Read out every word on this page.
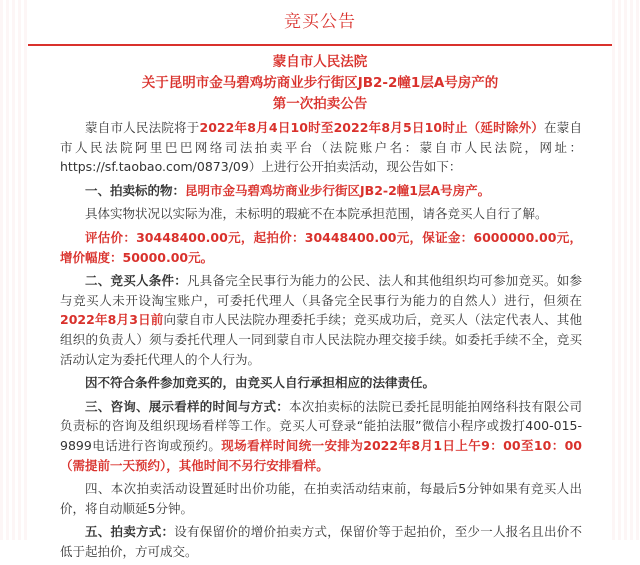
竞买公告
蒙自市人民法院
关于昆明市金马碧鸡坊商业步行街区JB2-2幢1层A号房产的
第一次拍卖公告

蒙自市人民法院将于2022年8月4日10时至2022年8月5日10时止（延时除外）在蒙自市人民法院阿里巴巴网络司法拍卖平台（法院账户名：蒙自市人民法院，网址：https://sf.taobao.com/0873/09）上进行公开拍卖活动，现公告如下：

一、拍卖标的物：昆明市金马碧鸡坊商业步行街区JB2-2幢1层A号房产。

具体实物状况以实际为准，未标明的瑕疵不在本院承担范围，请各竞买人自行了解。

评估价：30448400.00元，起拍价：30448400.00元，保证金：6000000.00元，增价幅度：50000.00元。

二、竞买人条件：凡具备完全民事行为能力的公民、法人和其他组织均可参加竞买。如参与竞买人未开设淘宝账户，可委托代理人（具备完全民事行为能力的自然人）进行，但须在2022年8月3日前向蒙自市人民法院办理委托手续；竞买成功后，竞买人（法定代表人、其他组织的负责人）须与委托代理人一同到蒙自市人民法院办理交接手续。如委托手续不全，竞买活动认定为委托代理人的个人行为。

因不符合条件参加竞买的，由竞买人自行承担相应的法律责任。

三、咨询、展示看样的时间与方式：本次拍卖标的法院已委托昆明能拍网络科技有限公司负责标的咨询及组织现场看样等工作。竞买人可登录“能拍法服”微信小程序或拨打400-015-9899电话进行咨询或预约。现场看样时间统一安排为2022年8月1日上午9：00至10：00（需提前一天预约），其他时间不另行安排看样。

四、本次拍卖活动设置延时出价功能，在拍卖活动结束前，每最后5分钟如果有竞买人出价，将自动顺延5分钟。

五、拍卖方式：设有保留价的增价拍卖方式，保留价等于起拍价，至少一人报名且出价不低于起拍价，方可成交。
